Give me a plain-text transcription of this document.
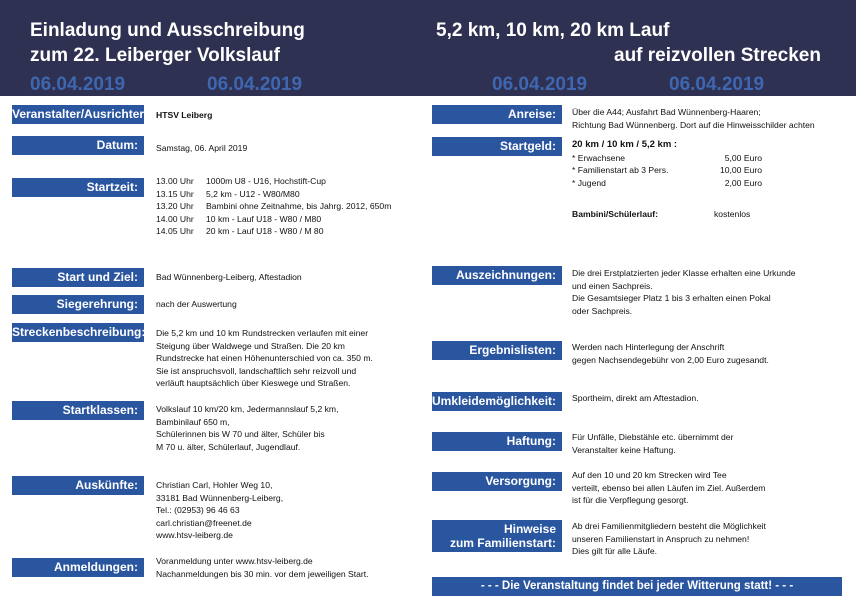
Einladung und Ausschreibung
zum 22. Leiberger Volkslauf
5,2 km, 10 km, 20 km Lauf
auf reizvollen Strecken
06.04.2019	06.04.2019	06.04.2019	06.04.2019
Veranstalter/Ausrichter: HTSV Leiberg
Datum:	Samstag, 06. April 2019
Startzeit:	13.00 Uhr 1000m U8 - U16, Hochstift-Cup
13.15 Uhr 5,2 km - U12 - W80/M80
13.20 Uhr Bambini ohne Zeitnahme, bis Jahrg. 2012, 650m
14.00 Uhr 10 km - Lauf U18 - W80 / M80
14.05 Uhr 20 km - Lauf U18 - W80 / M 80
Start und Ziel:	Bad Wünnenberg-Leiberg, Aftestadion
Siegerehrung:	nach der Auswertung
Streckenbeschreibung: Die 5,2 km und 10 km Rundstrecken verlaufen mit einer
Steigung über Waldwege und Straßen. Die 20 km
Rundstrecke hat einen Höhenunterschied von ca. 350 m.
Sie ist anspruchsvoll, landschaftlich sehr reizvoll und
verläuft hauptsächlich über Kieswege und Straßen.
Startklassen:	Volkslauf 10 km/20 km, Jedermannslauf 5,2 km,
Bambinilauf 650 m,
Schülerinnen bis W 70 und älter, Schüler bis
M 70 u. älter, Schülerlauf, Jugendlauf.
Auskünfte:	Christian Carl, Hohler Weg 10,
33181 Bad Wünnenberg-Leiberg,
Tel.: (02953) 96 46 63
carl.christian@freenet.de
www.htsv-leiberg.de
Anmeldungen:	Voranmeldung unter www.htsv-leiberg.de
Nachanmeldungen bis 30 min. vor dem jeweiligen Start.
Anreise:	Über die A44; Ausfahrt Bad Wünnenberg-Haaren;
Richtung Bad Wünnenberg. Dort auf die Hinweisschilder achten
Startgeld:	20 km / 10 km / 5,2 km :
* Erwachsene	5,00 Euro
* Familienstart ab 3 Pers.	10,00 Euro
* Jugend	2,00 Euro
Bambini/Schülerlauf:	kostenlos
Auszeichnungen:	Die drei Erstplatzierten jeder Klasse erhalten eine Urkunde
und einen Sachpreis.
Die Gesamtsieger Platz 1 bis 3 erhalten einen Pokal
oder Sachpreis.
Ergebnislisten:	Werden nach Hinterlegung der Anschrift
gegen Nachsendegebühr von 2,00 Euro zugesandt.
Umkleidemöglichkeit:	Sportheim, direkt am Aftestadion.
Haftung:	Für Unfälle, Diebstähle etc. übernimmt der
Veranstalter keine Haftung.
Versorgung:	Auf den 10 und 20 km Strecken wird Tee
verteilt, ebenso bei allen Läufen im Ziel. Außerdem
ist für die Verpflegung gesorgt.
Hinweise
zum Familienstart:
Ab drei Familienmitgliedern besteht die Möglichkeit
unseren Familienstart in Anspruch zu nehmen!
Dies gilt für alle Läufe.
- - - Die Veranstaltung findet bei jeder Witterung statt! - - -
